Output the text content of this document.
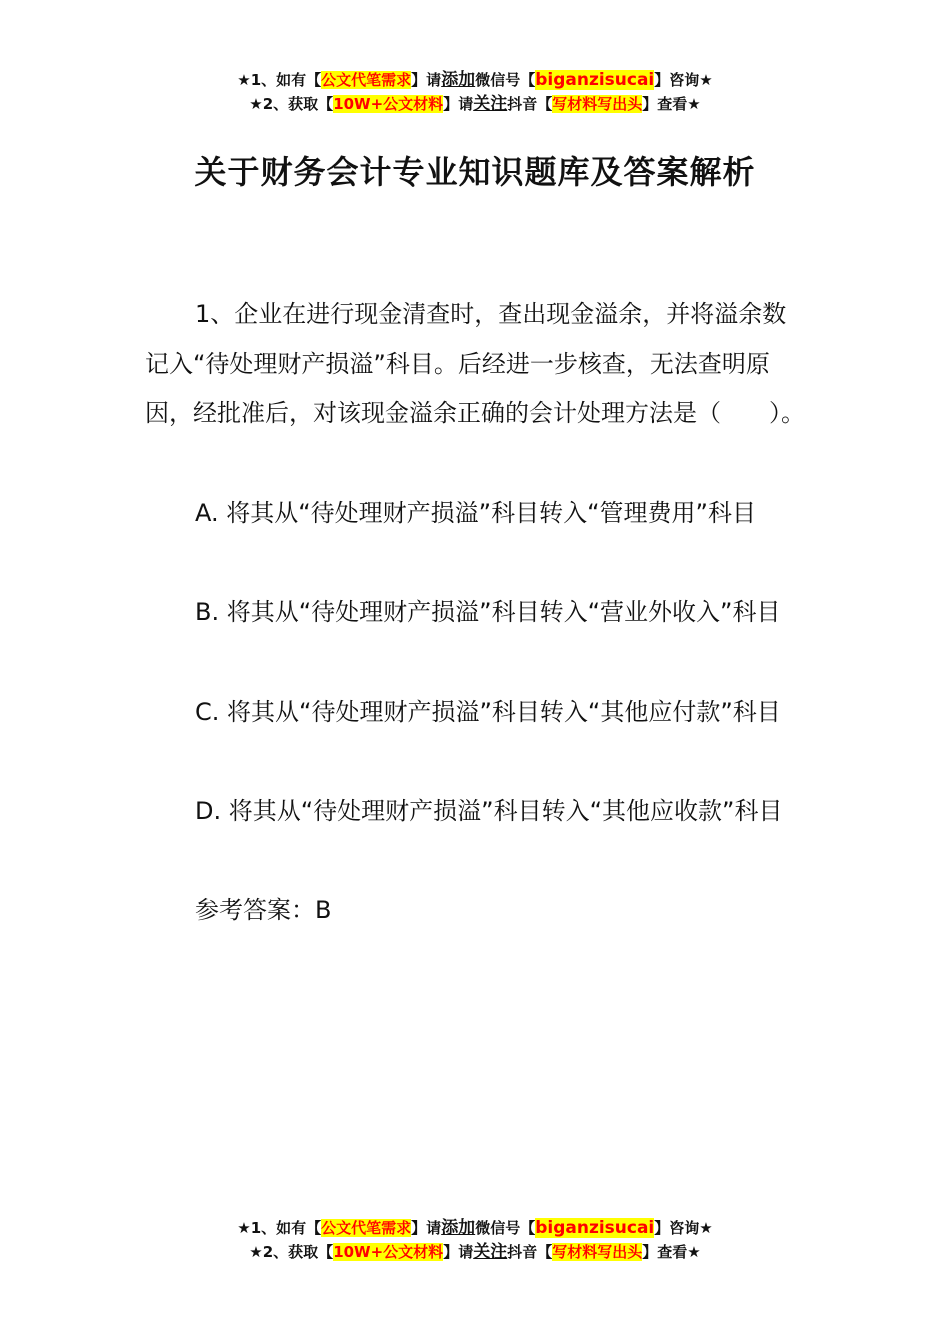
★1、如有【公文代笔需求】请添加微信号【biganzisucai】咨询★
★2、获取【10W+公文材料】请关注抖音【写材料写出头】查看★
关于财务会计专业知识题库及答案解析

1、企业在进行现金清查时，查出现金溢余，并将溢余数记入“待处理财产损溢”科目。后经进一步核查，无法查明原因，经批准后，对该现金溢余正确的会计处理方法是（　　）。

A. 将其从“待处理财产损溢”科目转入“管理费用”科目

B. 将其从“待处理财产损溢”科目转入“营业外收入”科目

C. 将其从“待处理财产损溢”科目转入“其他应付款”科目

D. 将其从“待处理财产损溢”科目转入“其他应收款”科目

参考答案：B

★1、如有【公文代笔需求】请添加微信号【biganzisucai】咨询★
★2、获取【10W+公文材料】请关注抖音【写材料写出头】查看★
